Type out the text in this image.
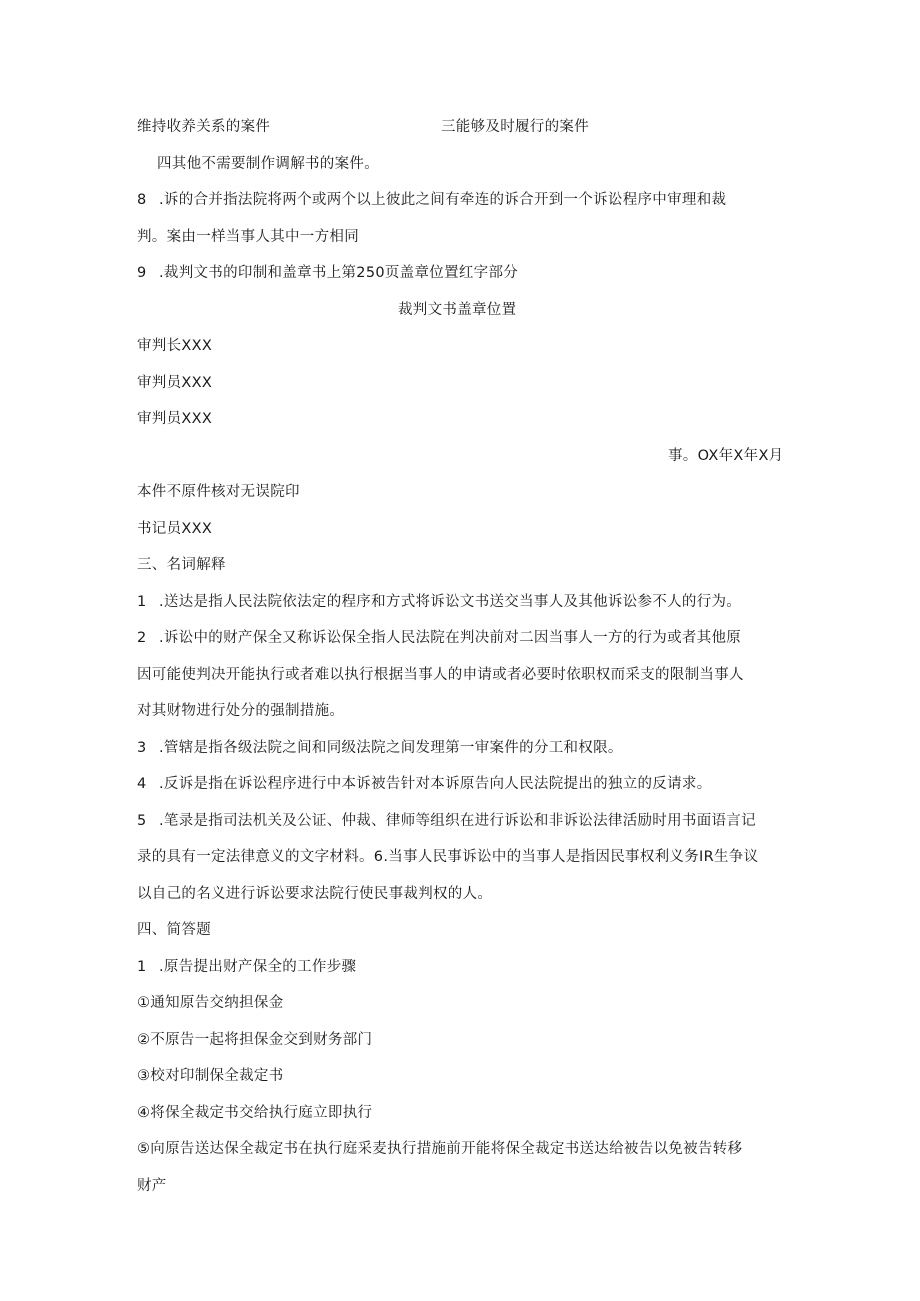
维持收养关系的案件	三能够及时履行的案件
四其他不需要制作调解书的案件。
8 .诉的合并指法院将两个或两个以上彼此之间有牵连的诉合开到一个诉讼程序中审理和裁
判。案由一样当事人其中一方相同
9 .裁判文书的印制和盖章书上第250页盖章位置红字部分
裁判文书盖章位置
审判长XXX
审判员XXX
审判员XXX
事。OX年X年X月
本件不原件核对无误院印
书记员XXX
三、名词解释
1 .送达是指人民法院依法定的程序和方式将诉讼文书送交当事人及其他诉讼参不人的行为。
2 .诉讼中的财产保全又称诉讼保全指人民法院在判决前对二因当事人一方的行为或者其他原
因可能使判决开能执行或者难以执行根据当事人的申请或者必要时依职权而采支的限制当事人
对其财物进行处分的强制措施。
3 .管辖是指各级法院之间和同级法院之间发理第一审案件的分工和权限。
4 .反诉是指在诉讼程序进行中本诉被告针对本诉原告向人民法院提出的独立的反请求。
5 .笔录是指司法机关及公证、仲裁、律师等组织在进行诉讼和非诉讼法律活励时用书面语言记
录的具有一定法律意义的文字材料。6.当事人民事诉讼中的当事人是指因民事权利义务IR生争议
以自己的名义进行诉讼要求法院行使民事裁判权的人。
四、简答题
1 .原告提出财产保全的工作步骤
①通知原告交纳担保金
②不原告一起将担保金交到财务部门
③校对印制保全裁定书
④将保全裁定书交给执行庭立即执行
⑤向原告送达保全裁定书在执行庭采麦执行措施前开能将保全裁定书送达给被告以免被告转移
财产
